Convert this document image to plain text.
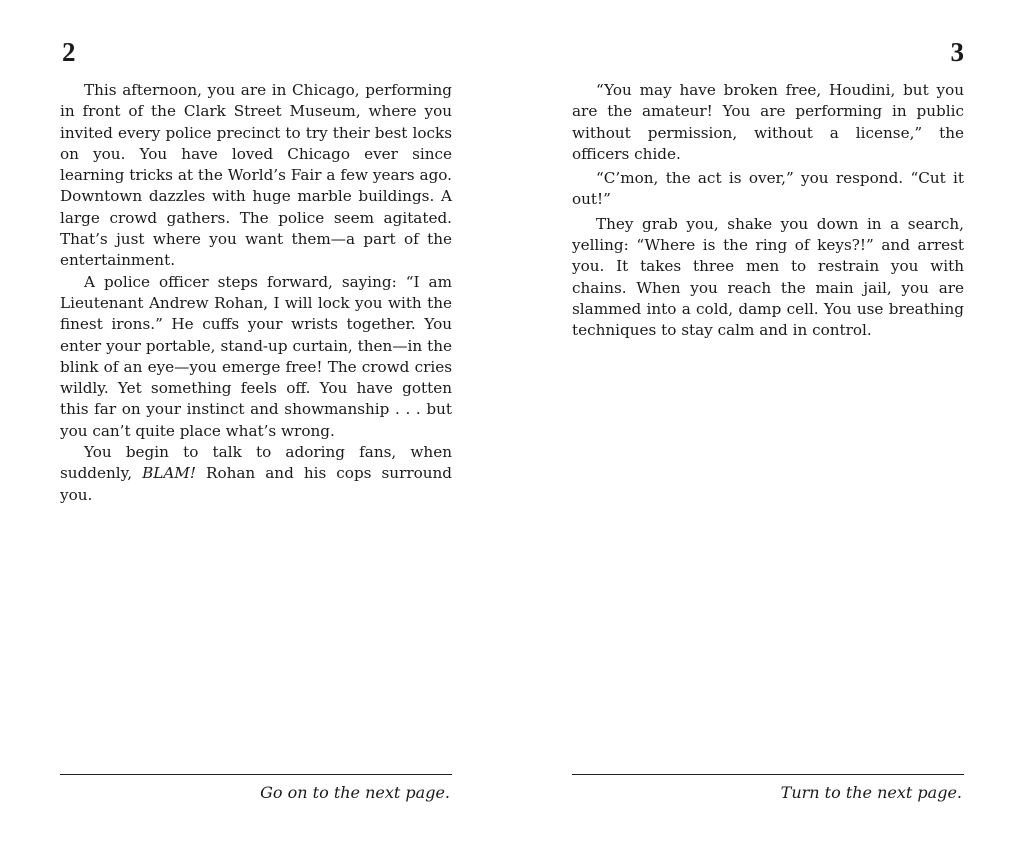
2

This afternoon, you are in Chicago, performing in front of the Clark Street Museum, where you invited every police precinct to try their best locks on you. You have loved Chicago ever since learning tricks at the World’s Fair a few years ago. Downtown dazzles with huge marble buildings. A large crowd gathers. The police seem agitated. That’s just where you want them—a part of the entertainment.

A police officer steps forward, saying: “I am Lieutenant Andrew Rohan, I will lock you with the finest irons.” He cuffs your wrists together. You enter your portable, stand-up curtain, then—in the blink of an eye—you emerge free! The crowd cries wildly. Yet something feels off. You have gotten this far on your instinct and showmanship . . . but you can’t quite place what’s wrong.

You begin to talk to adoring fans, when suddenly, BLAM! Rohan and his cops surround you.

Go on to the next page.
3

“You may have broken free, Houdini, but you are the amateur! You are performing in public without permission, without a license,” the officers chide.

“C’mon, the act is over,” you respond. “Cut it out!”

They grab you, shake you down in a search, yelling: “Where is the ring of keys?!” and arrest you. It takes three men to restrain you with chains. When you reach the main jail, you are slammed into a cold, damp cell. You use breathing techniques to stay calm and in control.

Turn to the next page.
